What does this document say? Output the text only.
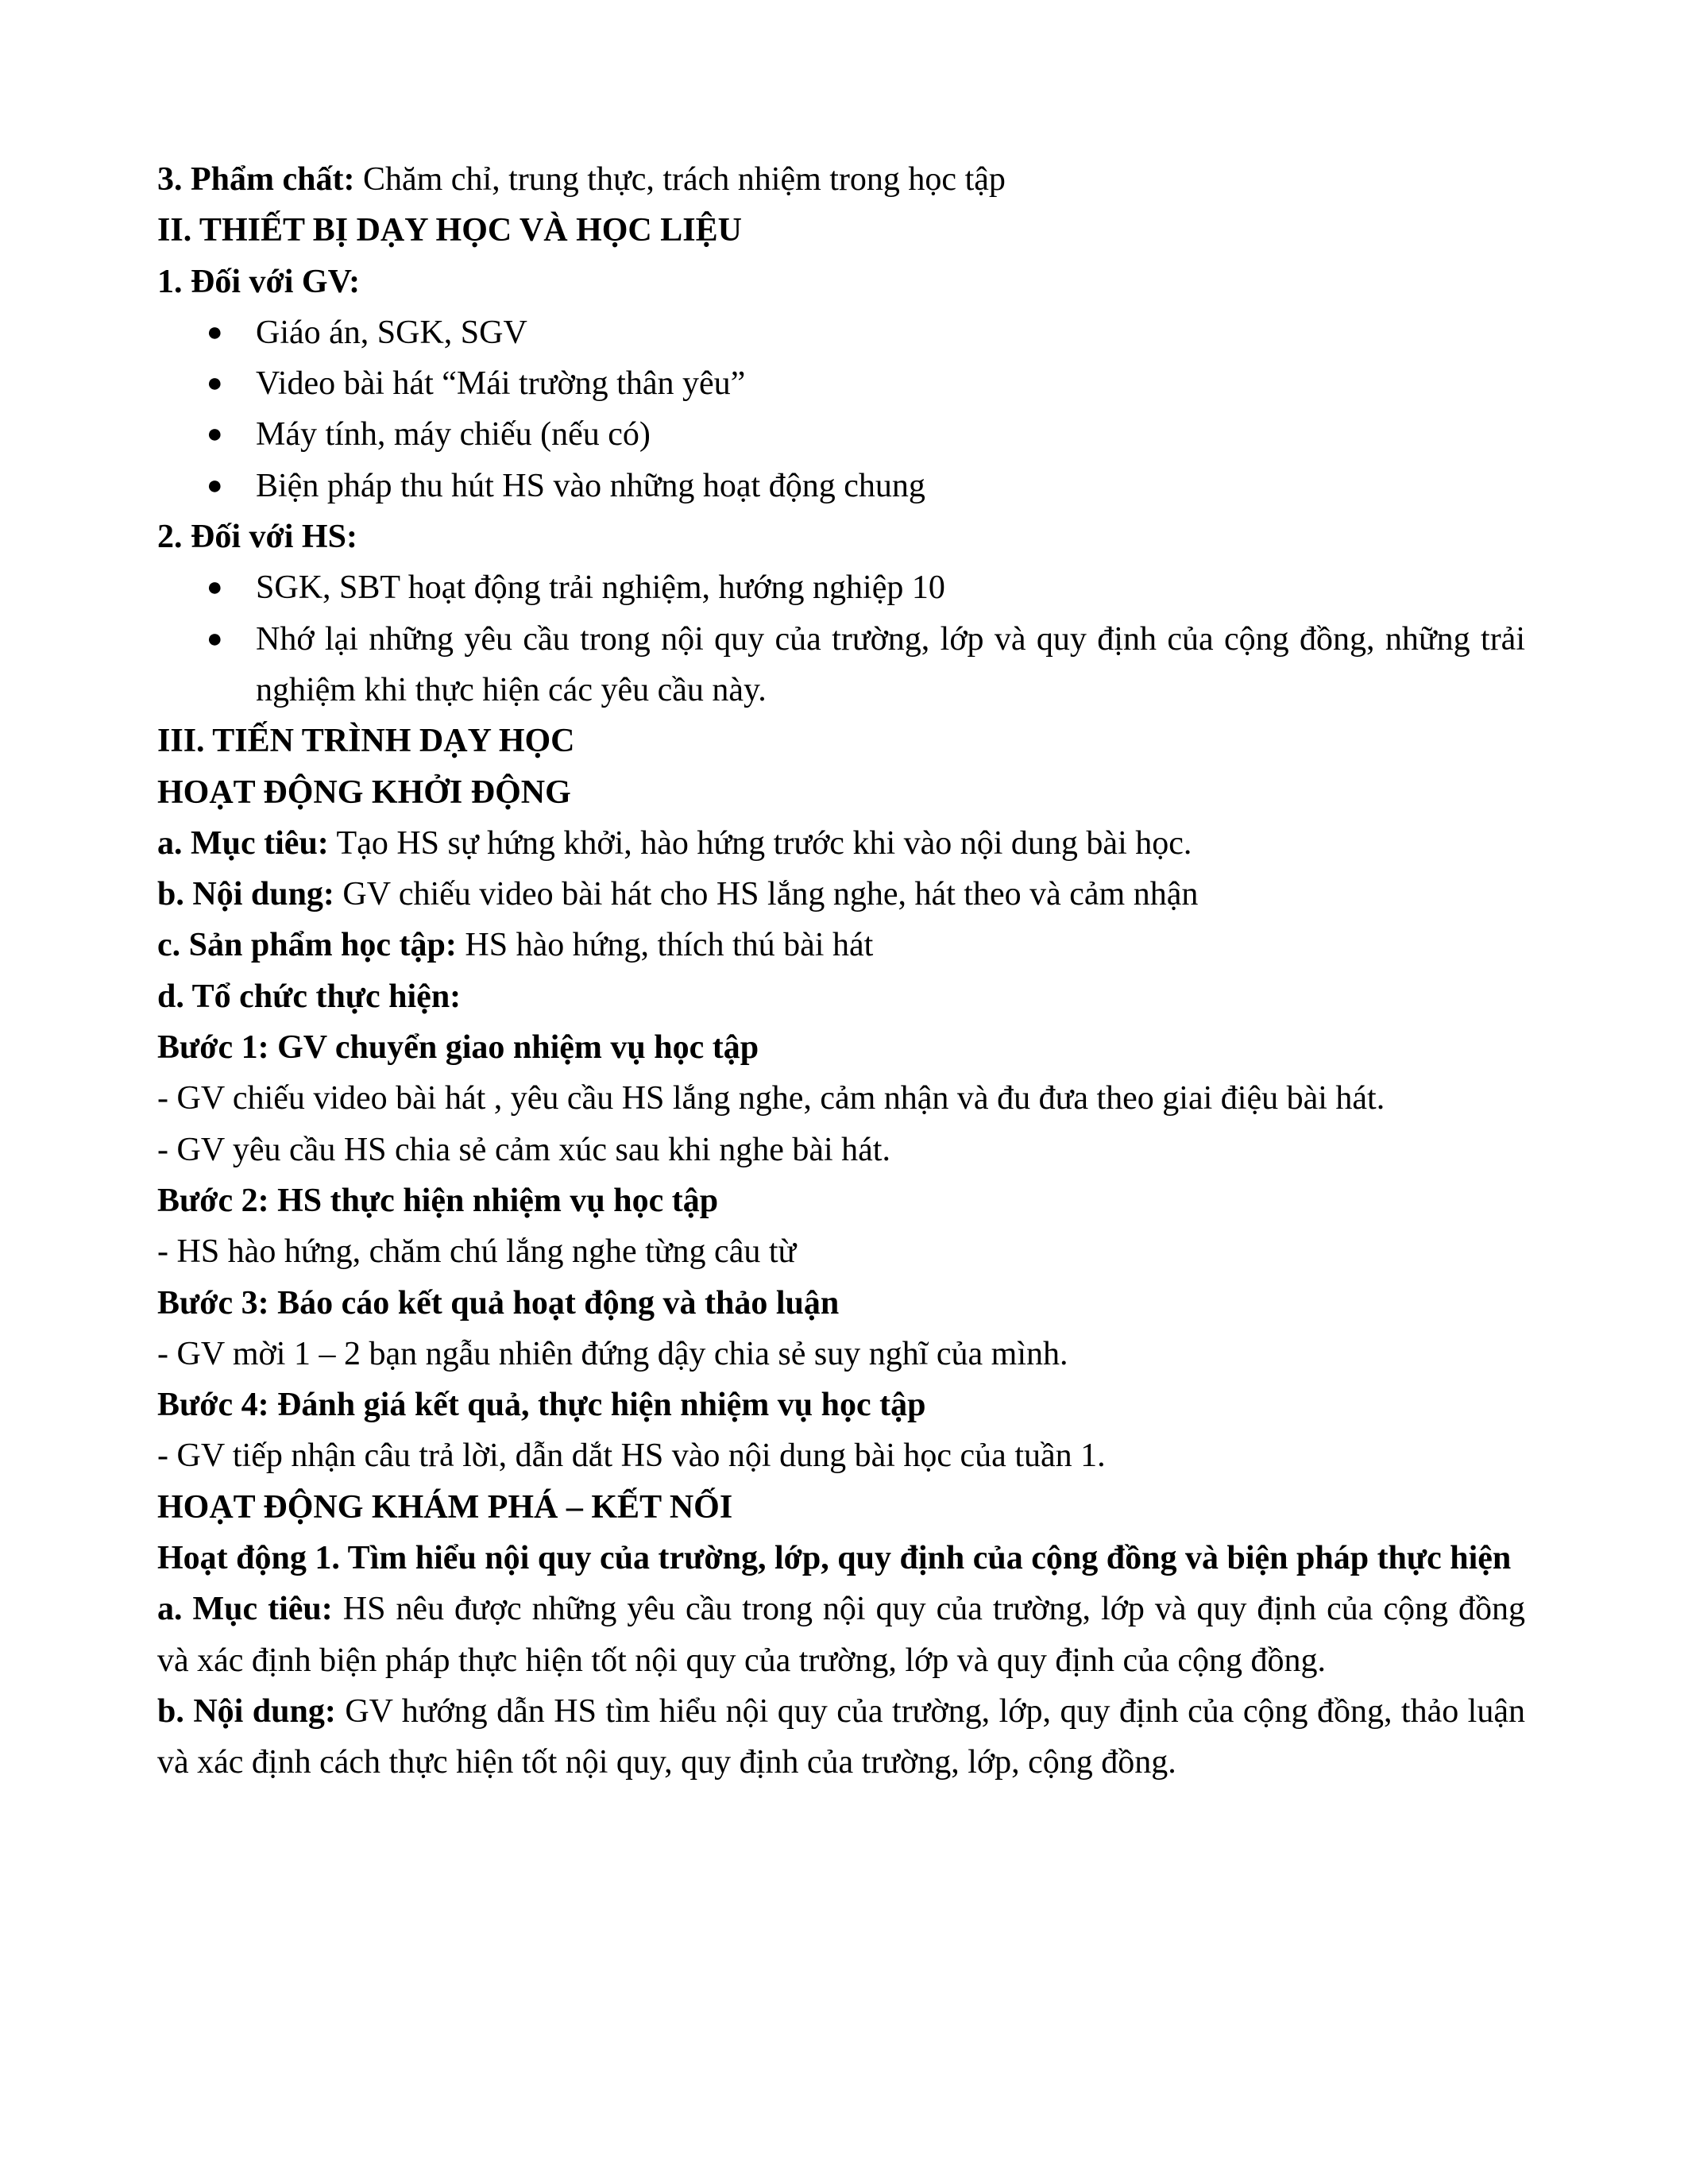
3. Phẩm chất: Chăm chỉ, trung thực, trách nhiệm trong học tập

II. THIẾT BỊ DẠY HỌC VÀ HỌC LIỆU

1. Đối với GV:

● Giáo án, SGK, SGV

● Video bài hát “Mái trường thân yêu”

● Máy tính, máy chiếu (nếu có)

● Biện pháp thu hút HS vào những hoạt động chung

2. Đối với HS:

● SGK, SBT hoạt động trải nghiệm, hướng nghiệp 10

● Nhớ lại những yêu cầu trong nội quy của trường, lớp và quy định của cộng đồng, những trải nghiệm khi thực hiện các yêu cầu này.

III. TIẾN TRÌNH DẠY HỌC

HOẠT ĐỘNG KHỞI ĐỘNG

a. Mục tiêu: Tạo HS sự hứng khởi, hào hứng trước khi vào nội dung bài học.

b. Nội dung: GV chiếu video bài hát cho HS lắng nghe, hát theo và cảm nhận

c. Sản phẩm học tập: HS hào hứng, thích thú bài hát

d. Tổ chức thực hiện:

Bước 1: GV chuyển giao nhiệm vụ học tập

- GV chiếu video bài hát , yêu cầu HS lắng nghe, cảm nhận và đu đưa theo giai điệu bài hát.

- GV yêu cầu HS chia sẻ cảm xúc sau khi nghe bài hát.

Bước 2: HS thực hiện nhiệm vụ học tập

- HS hào hứng, chăm chú lắng nghe từng câu từ

Bước 3: Báo cáo kết quả hoạt động và thảo luận

- GV mời 1 – 2 bạn ngẫu nhiên đứng dậy chia sẻ suy nghĩ của mình.

Bước 4: Đánh giá kết quả, thực hiện nhiệm vụ học tập

- GV tiếp nhận câu trả lời, dẫn dắt HS vào nội dung bài học của tuần 1.

HOẠT ĐỘNG KHÁM PHÁ – KẾT NỐI

Hoạt động 1. Tìm hiểu nội quy của trường, lớp, quy định của cộng đồng và biện pháp thực hiện

a. Mục tiêu: HS nêu được những yêu cầu trong nội quy của trường, lớp và quy định của cộng đồng và xác định biện pháp thực hiện tốt nội quy của trường, lớp và quy định của cộng đồng.

b. Nội dung: GV hướng dẫn HS tìm hiểu nội quy của trường, lớp, quy định của cộng đồng, thảo luận và xác định cách thực hiện tốt nội quy, quy định của trường, lớp, cộng đồng.
